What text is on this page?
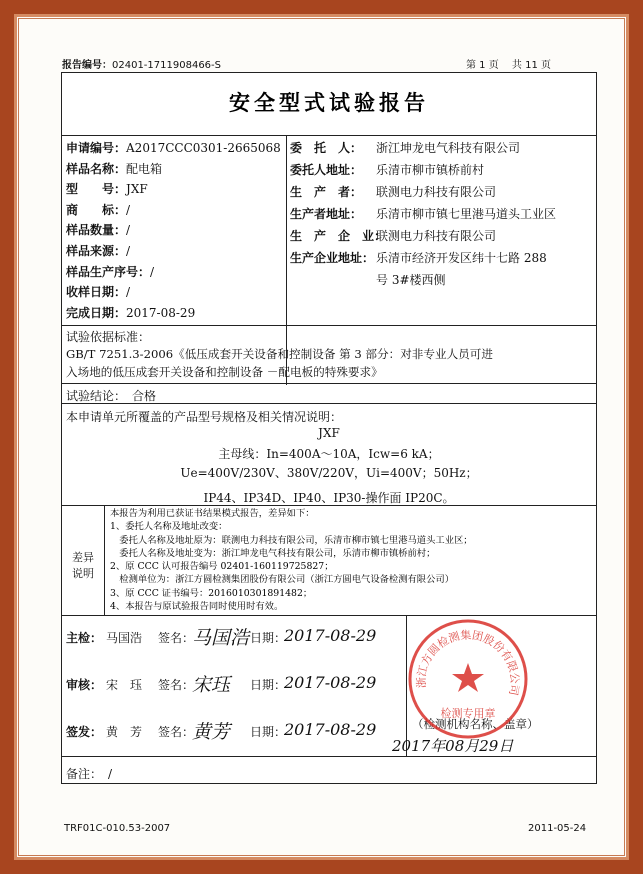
报告编号：02401-1711908466-S	第 1 页　 共 11 页
安全型式试验报告
申请编号：A2017CCC0301-2665068
样品名称：配电箱
型　　号：JXF
商　　标：/
样品数量：/
样品来源：/
样品生产序号：/
收样日期：/
完成日期：2017-08-29
委　托　人： 浙江坤龙电气科技有限公司
委托人地址： 乐清市柳市镇桥前村
生　产　者： 联测电力科技有限公司
生产者地址： 乐清市柳市镇七里港马道头工业区
生　产　企　业：联测电力科技有限公司
生产企业地址： 乐清市经济开发区纬十七路 288
号 3#楼西侧
试验依据标准：
GB/T 7251.3-2006《低压成套开关设备和控制设备 第 3 部分：对非专业人员可进
入场地的低压成套开关设备和控制设备 －配电板的特殊要求》
试验结论：　 合格
本申请单元所覆盖的产品型号规格及相关情况说明：
JXF
主母线：In=400A～10A，Icw=6 kA；
Ue=400V/230V、380V/220V，Ui=400V；50Hz；
IP44、IP34D、IP40、IP30-操作面 IP20C。
差异
说明
本报告为利用已获证书结果模式报告，差异如下：
1、委托人名称及地址改变：
　委托人名称及地址原为：联测电力科技有限公司，乐清市柳市镇七里港马道头工业区；
　委托人名称及地址变为：浙江坤龙电气科技有限公司，乐清市柳市镇桥前村；
2、原 CCC 认可报告编号 02401-160119725827；
　检测单位为：浙江方圆检测集团股份有限公司（浙江方圆电气设备检测有限公司）
3、原 CCC 证书编号：2016010301891482；
4、本报告与原试验报告同时使用时有效。
主检： 马国浩 签名：
马国浩 日期：
2017-08-29
审核： 宋　珏 签名：
宋珏 日期：
2017-08-29
签发： 黄　芳 签名：
黄芳 日期：
2017-08-29	（检测机构名称、盖章）
2017年08月29日
备注：　 /
浙江方圆检测集团股份有限公司
检测专用章
TRF01C-010.53-2007	2011-05-24
